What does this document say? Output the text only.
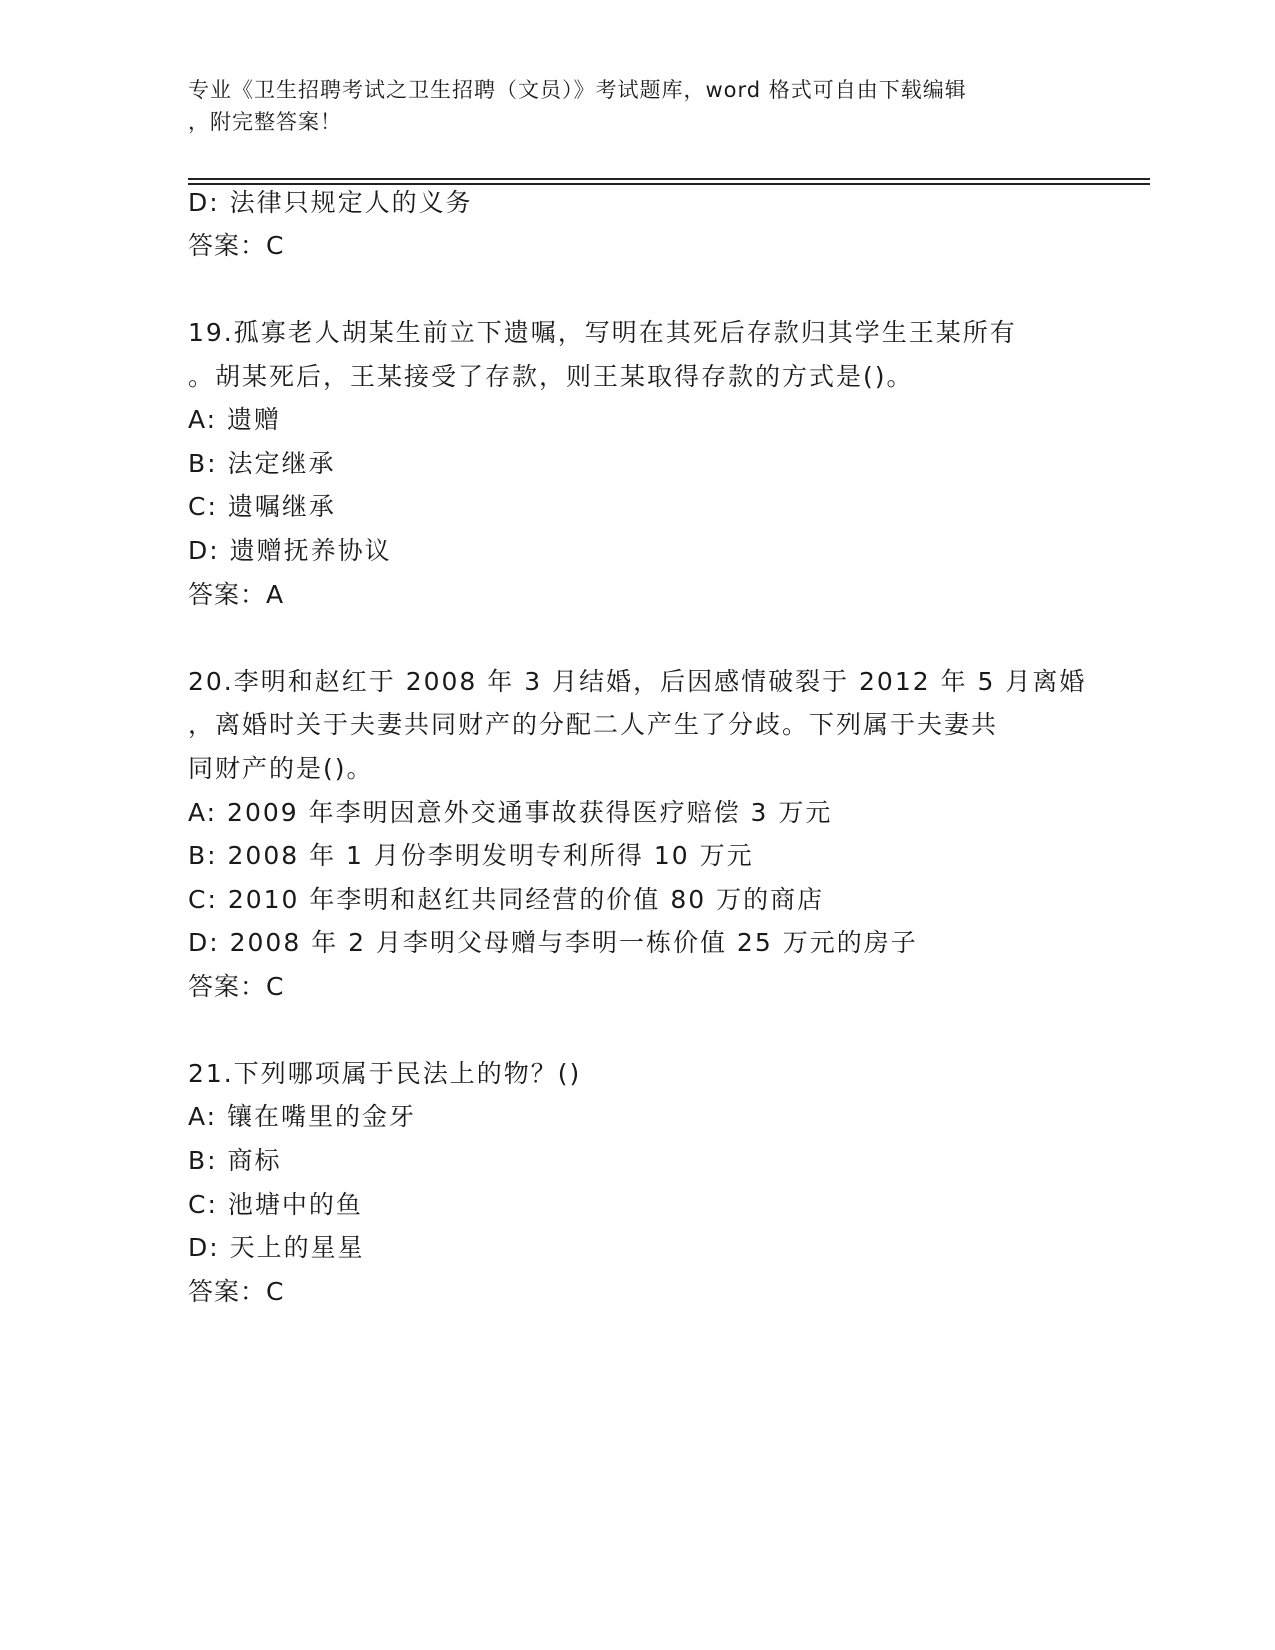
专业《卫生招聘考试之卫生招聘（文员）》考试题库，word 格式可自由下载编辑
，附完整答案！
D: 法律只规定人的义务
答案：C
19.孤寡老人胡某生前立下遗嘱，写明在其死后存款归其学生王某所有
。胡某死后，王某接受了存款，则王某取得存款的方式是()。
A: 遗赠
B: 法定继承
C: 遗嘱继承
D: 遗赠抚养协议
答案：A
20.李明和赵红于 2008 年 3 月结婚，后因感情破裂于 2012 年 5 月离婚
，离婚时关于夫妻共同财产的分配二人产生了分歧。下列属于夫妻共
同财产的是()。
A: 2009 年李明因意外交通事故获得医疗赔偿 3 万元
B: 2008 年 1 月份李明发明专利所得 10 万元
C: 2010 年李明和赵红共同经营的价值 80 万的商店
D: 2008 年 2 月李明父母赠与李明一栋价值 25 万元的房子
答案：C
21.下列哪项属于民法上的物？()
A: 镶在嘴里的金牙
B: 商标
C: 池塘中的鱼
D: 天上的星星
答案：C
